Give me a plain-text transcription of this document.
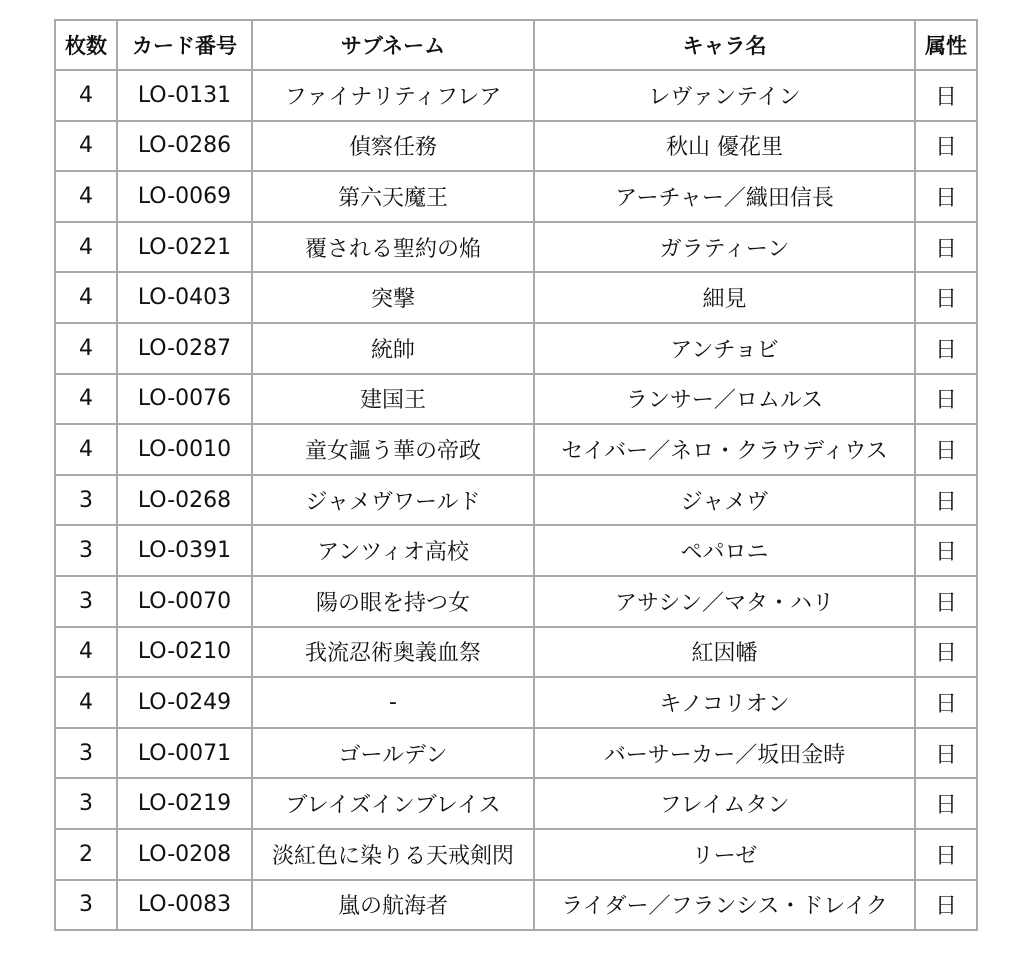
枚数	カード番号	サブネーム	キャラ名	属性
4	LO-0131	ファイナリティフレア	レヴァンテイン	日
4	LO-0286	偵察任務	秋山 優花里	日
4	LO-0069	第六天魔王	アーチャー／織田信長	日
4	LO-0221	覆される聖約の焔	ガラティーン	日
4	LO-0403	突撃	細見	日
4	LO-0287	統帥	アンチョビ	日
4	LO-0076	建国王	ランサー／ロムルス	日
4	LO-0010	童女謳う華の帝政	セイバー／ネロ・クラウディウス	日
3	LO-0268	ジャメヴワールド	ジャメヴ	日
3	LO-0391	アンツィオ高校	ペパロニ	日
3	LO-0070	陽の眼を持つ女	アサシン／マタ・ハリ	日
4	LO-0210	我流忍術奥義血祭	紅因幡	日
4	LO-0249	-	キノコリオン	日
3	LO-0071	ゴールデン	バーサーカー／坂田金時	日
3	LO-0219	ブレイズインブレイス	フレイムタン	日
2	LO-0208	淡紅色に染りる天戒剣閃	リーゼ	日
3	LO-0083	嵐の航海者	ライダー／フランシス・ドレイク	日
